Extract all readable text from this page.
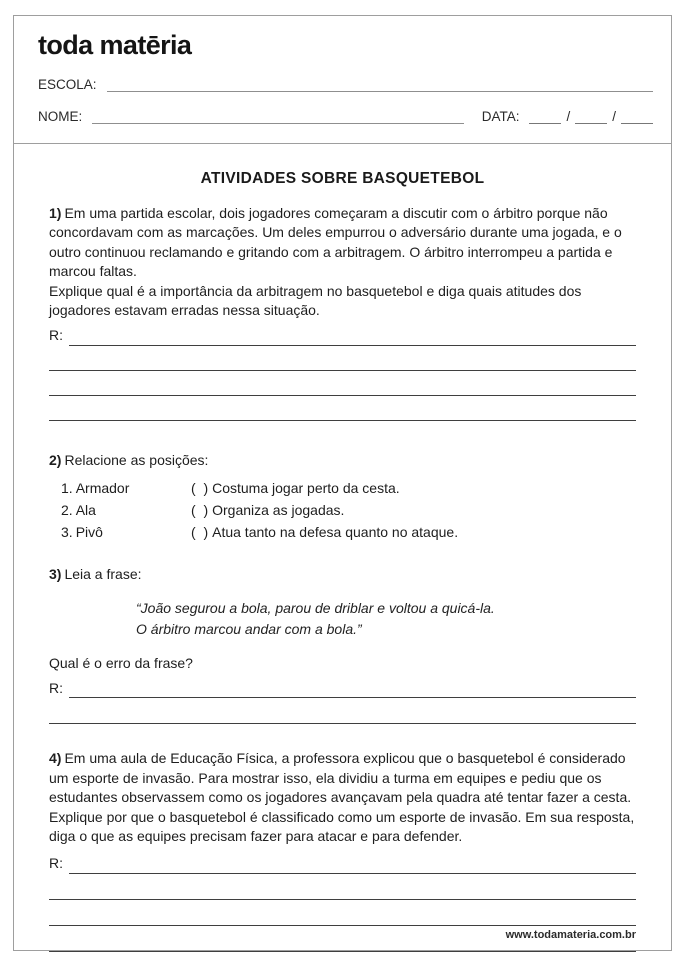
toda matēria
ESCOLA:
NOME:	DATA:	/	/
ATIVIDADES SOBRE BASQUETEBOL

1) Em uma partida escolar, dois jogadores começaram a discutir com o árbitro porque não concordavam com as marcações. Um deles empurrou o adversário durante uma jogada, e o outro continuou reclamando e gritando com a arbitragem. O árbitro interrompeu a partida e marcou faltas.
Explique qual é a importância da arbitragem no basquetebol e diga quais atitudes dos jogadores estavam erradas nessa situação.

R:

2) Relacione as posições:

1. Armador	(  ) Costuma jogar perto da cesta.
2. Ala	(  ) Organiza as jogadas.
3. Pivô	(  ) Atua tanto na defesa quanto no ataque.

3) Leia a frase:

“João segurou a bola, parou de driblar e voltou a quicá-la.
O árbitro marcou andar com a bola.”
Qual é o erro da frase?
R:

4) Em uma aula de Educação Física, a professora explicou que o basquetebol é considerado um esporte de invasão. Para mostrar isso, ela dividiu a turma em equipes e pediu que os estudantes observassem como os jogadores avançavam pela quadra até tentar fazer a cesta.
Explique por que o basquetebol é classificado como um esporte de invasão. Em sua resposta, diga o que as equipes precisam fazer para atacar e para defender.

R:
www.todamateria.com.br
